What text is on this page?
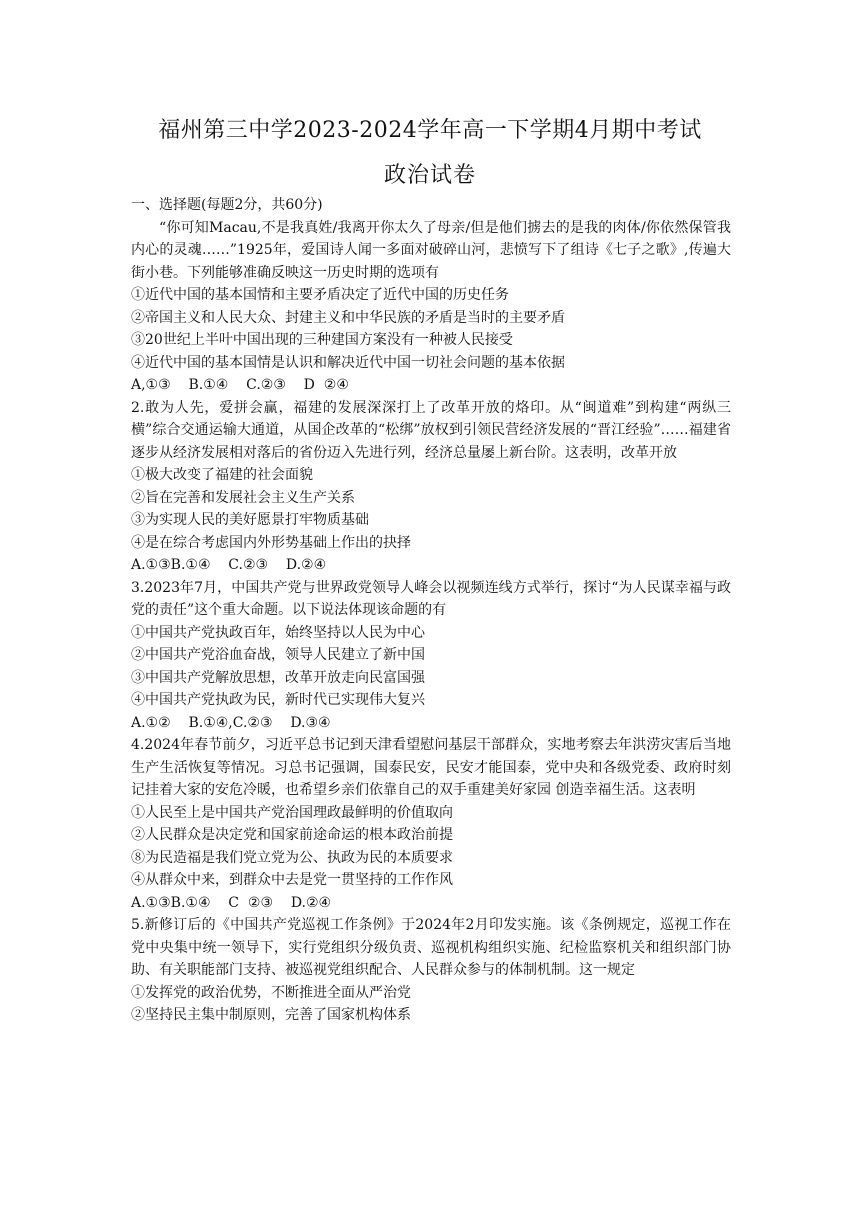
福州第三中学2023-2024学年高一下学期4月期中考试
政治试卷

一、选择题(每题2分，共60分)

“你可知Macau,不是我真姓/我离开你太久了母亲/但是他们掳去的是我的肉体/你依然保管我内心的灵魂……”1925年，爱国诗人闻一多面对破碎山河，悲愤写下了组诗《七子之歌》,传遍大街小巷。下列能够准确反映这一历史时期的选项有

①近代中国的基本国情和主要矛盾决定了近代中国的历史任务

②帝国主义和人民大众、封建主义和中华民族的矛盾是当时的主要矛盾

③20世纪上半叶中国出现的三种建国方案没有一种被人民接受

④近代中国的基本国情是认识和解决近代中国一切社会问题的基本依据

A,①③    B.①④    C.②③    D  ②④

2.敢为人先，爱拼会赢，福建的发展深深打上了改革开放的烙印。从“闽道难”到构建“两纵三横”综合交通运输大通道，从国企改革的“松绑”放权到引领民营经济发展的“晋江经验”……福建省逐步从经济发展相对落后的省份迈入先进行列，经济总量屡上新台阶。这表明，改革开放

①极大改变了福建的社会面貌

②旨在完善和发展社会主义生产关系

③为实现人民的美好愿景打牢物质基础

④是在综合考虑国内外形势基础上作出的抉择

A.①③B.①④    C.②③    D.②④

3.2023年7月，中国共产党与世界政党领导人峰会以视频连线方式举行，探讨“为人民谋幸福与政党的责任”这个重大命题。以下说法体现该命题的有

①中国共产党执政百年，始终坚持以人民为中心

②中国共产党浴血奋战，领导人民建立了新中国

③中国共产党解放思想，改革开放走向民富国强

④中国共产党执政为民，新时代已实现伟大复兴

A.①②    B.①④,C.②③    D.③④

4.2024年春节前夕，习近平总书记到天津看望慰问基层干部群众，实地考察去年洪涝灾害后当地生产生活恢复等情况。习总书记强调，国泰民安，民安才能国泰，党中央和各级党委、政府时刻记挂着大家的安危冷暖，也希望乡亲们依靠自己的双手重建美好家园 创造幸福生活。这表明

①人民至上是中国共产党治国理政最鲜明的价值取向

②人民群众是决定党和国家前途命运的根本政治前提

⑧为民造福是我们党立党为公、执政为民的本质要求

④从群众中来，到群众中去是党一贯坚持的工作作风

A.①③B.①④    C  ②③    D.②④

5.新修订后的《中国共产党巡视工作条例》于2024年2月印发实施。该《条例规定，巡视工作在党中央集中统一领导下，实行党组织分级负责、巡视机构组织实施、纪检监察机关和组织部门协助、有关职能部门支持、被巡视党组织配合、人民群众参与的体制机制。这一规定

①发挥党的政治优势，不断推进全面从严治党

②坚持民主集中制原则，完善了国家机构体系
